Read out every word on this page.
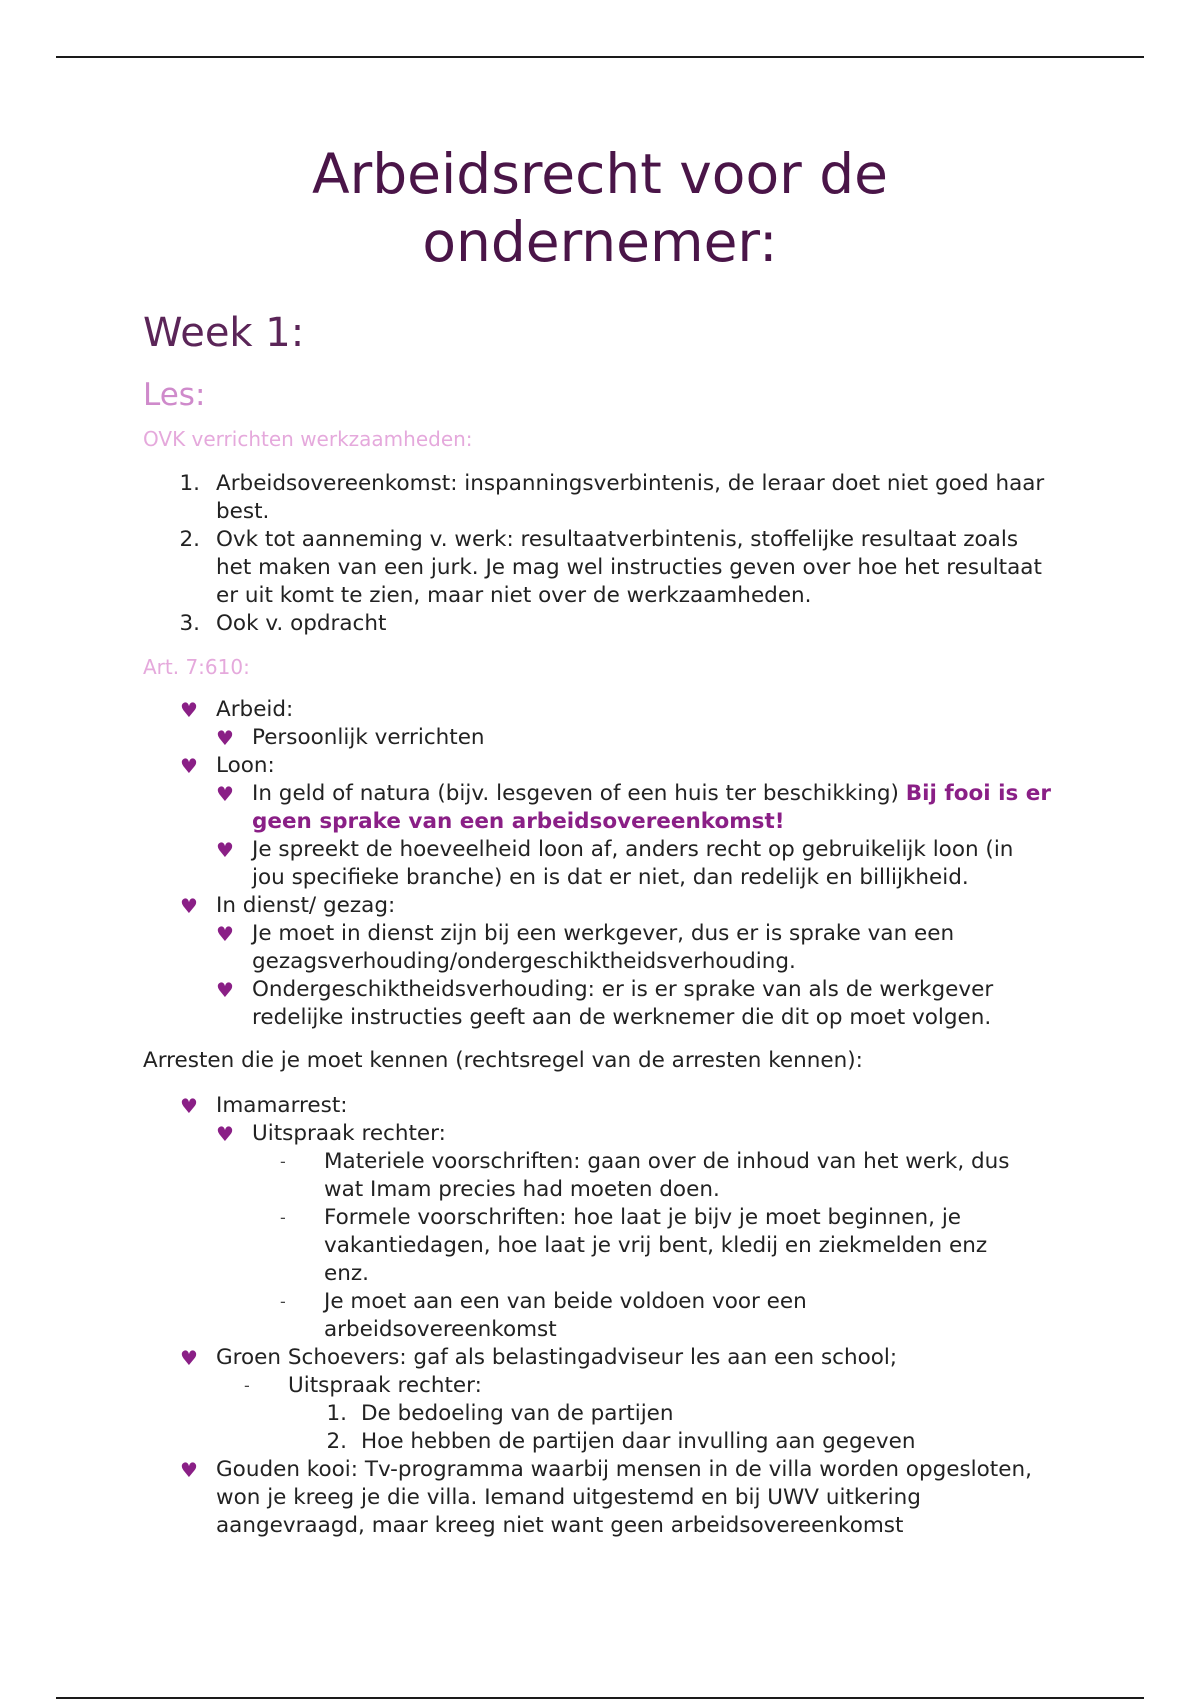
Arbeidsrecht voor de
ondernemer:
Week 1:
Les:
OVK verrichten werkzaamheden:
1. Arbeidsovereenkomst: inspanningsverbintenis, de leraar doet niet goed haar best.
2. Ovk tot aanneming v. werk: resultaatverbintenis, stoffelijke resultaat zoals het maken van een jurk. Je mag wel instructies geven over hoe het resultaat er uit komt te zien, maar niet over de werkzaamheden.
3. Ook v. opdracht
Art. 7:610:
♥ Arbeid:
♥ Persoonlijk verrichten
♥ Loon:
♥ In geld of natura (bijv. lesgeven of een huis ter beschikking) Bij fooi is er geen sprake van een arbeidsovereenkomst!
♥ Je spreekt de hoeveelheid loon af, anders recht op gebruikelijk loon (in jou specifieke branche) en is dat er niet, dan redelijk en billijkheid.
♥ In dienst/ gezag:
♥ Je moet in dienst zijn bij een werkgever, dus er is sprake van een gezagsverhouding/ondergeschiktheidsverhouding.
♥ Ondergeschiktheidsverhouding: er is er sprake van als de werkgever redelijke instructies geeft aan de werknemer die dit op moet volgen.
Arresten die je moet kennen (rechtsregel van de arresten kennen):
♥ Imamarrest:
♥ Uitspraak rechter:
- Materiele voorschriften: gaan over de inhoud van het werk, dus wat Imam precies had moeten doen.
- Formele voorschriften: hoe laat je bijv je moet beginnen, je vakantiedagen, hoe laat je vrij bent, kledij en ziekmelden enz enz.
- Je moet aan een van beide voldoen voor een arbeidsovereenkomst
♥ Groen Schoevers: gaf als belastingadviseur les aan een school;
- Uitspraak rechter:
1. De bedoeling van de partijen
2. Hoe hebben de partijen daar invulling aan gegeven
♥ Gouden kooi: Tv-programma waarbij mensen in de villa worden opgesloten, won je kreeg je die villa. Iemand uitgestemd en bij UWV uitkering aangevraagd, maar kreeg niet want geen arbeidsovereenkomst
